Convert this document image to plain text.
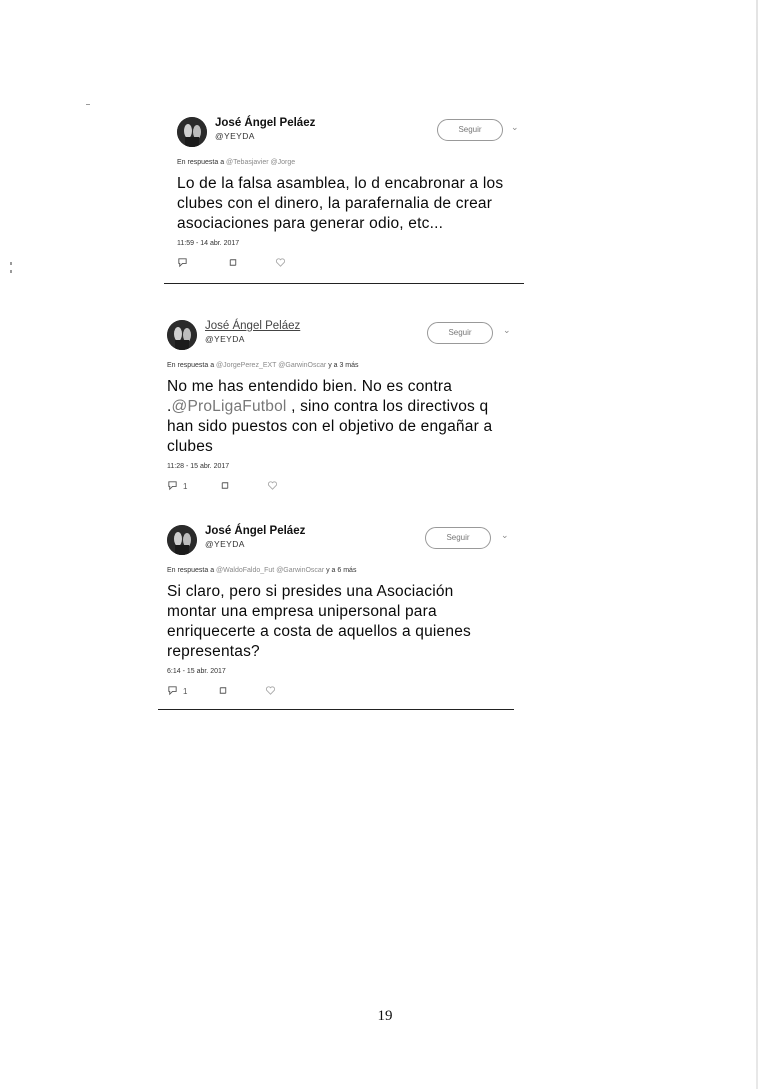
José Ángel Peláez
@YEYDA
Seguir	⌄
En respuesta a @Tebasjavier @Jorge
Lo de la falsa asamblea, lo d encabronar a los clubes con el dinero, la parafernalia de crear asociaciones para generar odio, etc...
11:59 - 14 abr. 2017
José Ángel Peláez
@YEYDA
Seguir	⌄
En respuesta a @JorgePerez_EXT @GarwinOscar y a 3 más
No me has entendido bien. No es contra .@ProLigaFutbol , sino contra los directivos q han sido puestos con el objetivo de engañar a clubes
11:28 - 15 abr. 2017
1
José Ángel Peláez
@YEYDA
Seguir	⌄
En respuesta a @WaldoFaldo_Fut @GarwinOscar y a 6 más
Si claro, pero si presides una Asociación montar una empresa unipersonal para enriquecerte a costa de aquellos a quienes representas?
6:14 - 15 abr. 2017
1
19
